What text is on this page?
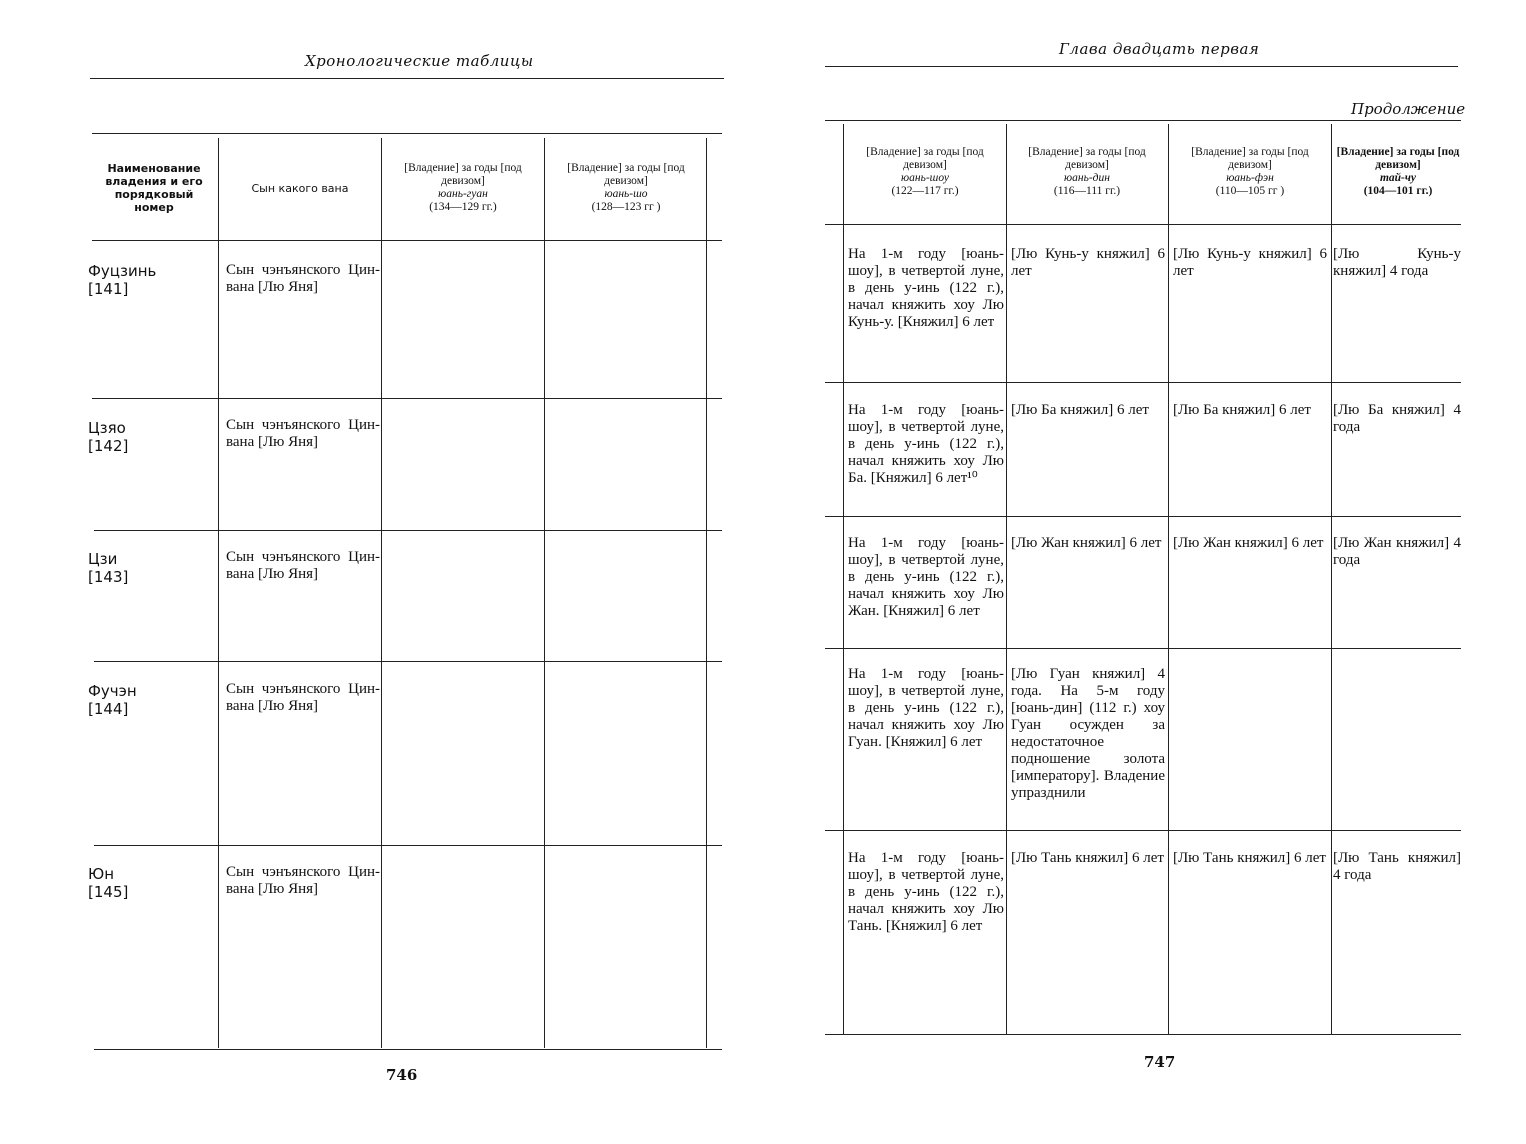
Хронологические таблицы
Наименование владения и его порядковый номер
Сын какого вана
[Владение] за годы [под девизом]
юань-гуан
(134—129 гг.)
[Владение] за годы [под девизом]
юань-шо
(128—123 гг )
Фуцзинь
[141]
Сын чэнъянского Цин-вана [Лю Яня]
Цзяо
[142]
Сын чэнъянского Цин-вана [Лю Яня]
Цзи
[143]
Сын чэнъянского Цин-вана [Лю Яня]
Фучэн
[144]
Сын чэнъянского Цин-вана [Лю Яня]
Юн
[145]
Сын чэнъянского Цин-вана [Лю Яня]
746
Глава двадцать первая
Продолжение
[Владение] за годы [под девизом]
юань-шоу
(122—117 гг.)
[Владение] за годы [под девизом]
юань-дин
(116—111 гг.)
[Владение] за годы [под девизом]
юань-фэн
(110—105 гг )
[Владение] за годы [под девизом]
тай-чу
(104—101 гг.)
На 1-м году [юань-шоу], в четвертой луне, в день у-инь (122 г.), начал княжить хоу Лю Кунь-у. [Княжил] 6 лет
[Лю Кунь-у княжил] 6 лет
[Лю Кунь-у княжил] 6 лет
[Лю Кунь-у княжил] 4 года
На 1-м году [юань-шоу], в четвертой луне, в день у-инь (122 г.), начал княжить хоу Лю Ба. [Княжил] 6 лет¹⁰
[Лю Ба княжил] 6 лет	[Лю Ба княжил] 6 лет	[Лю Ба княжил] 4 года
На 1-м году [юань-шоу], в четвертой луне, в день у-инь (122 г.), начал княжить хоу Лю Жан. [Княжил] 6 лет
[Лю Жан княжил] 6 лет [Лю Жан княжил] 6 лет [Лю Жан княжил] 4 года
На 1-м году [юань-шоу], в четвертой луне, в день у-инь (122 г.), начал княжить хоу Лю Гуан. [Княжил] 6 лет
[Лю Гуан княжил] 4 года. На 5-м году [юань-дин] (112 г.) хоу Гуан осужден за недостаточное подношение золота [императору]. Владение упразднили
На 1-м году [юань-шоу], в четвертой луне, в день у-инь (122 г.), начал княжить хоу Лю Тань. [Княжил] 6 лет
[Лю Тань княжил] 6 лет [Лю Тань княжил] 6 лет [Лю Тань княжил] 4 года
747
